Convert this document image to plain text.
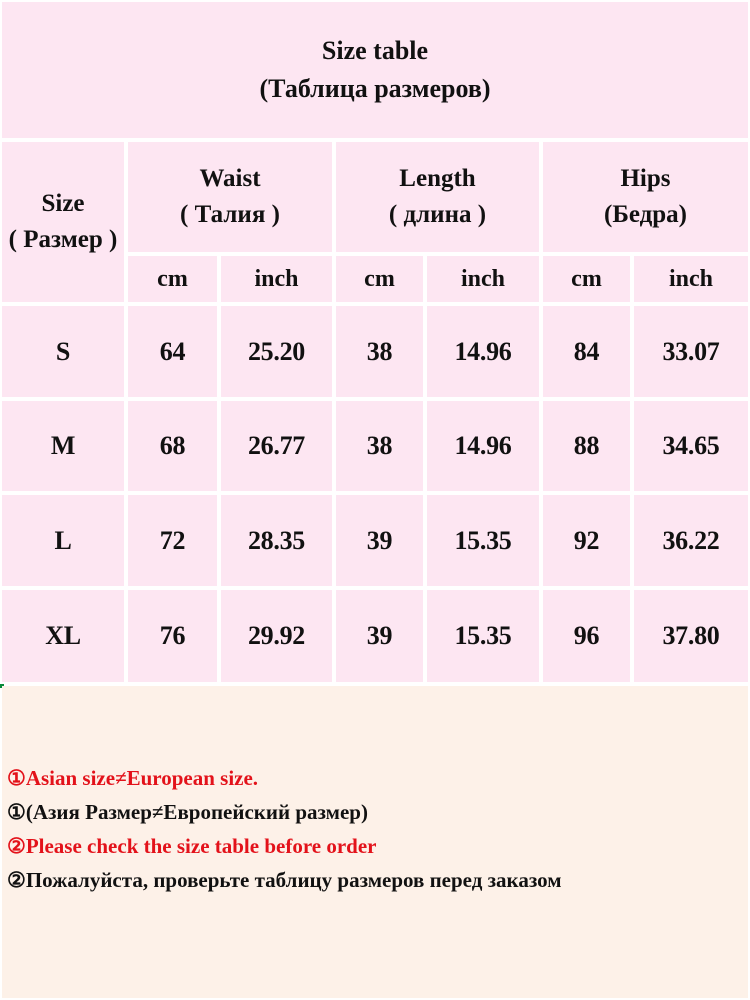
Size table
(Таблица размеров)
Size
( Размер )
Waist
( Талия )
Length
( длина )
Hips
(Бедра)
cm	inch	cm	inch	cm	inch
S	64	25.20	38	14.96	84	33.07
M	68	26.77	38	14.96	88	34.65
L	72	28.35	39	15.35	92	36.22
XL	76	29.92	39	15.35	96	37.80
①Asian size≠European size.
①(Азия Размер≠Европейский размер)
②Please check the size table before order
②Пожалуйста, проверьте таблицу размеров перед заказом
